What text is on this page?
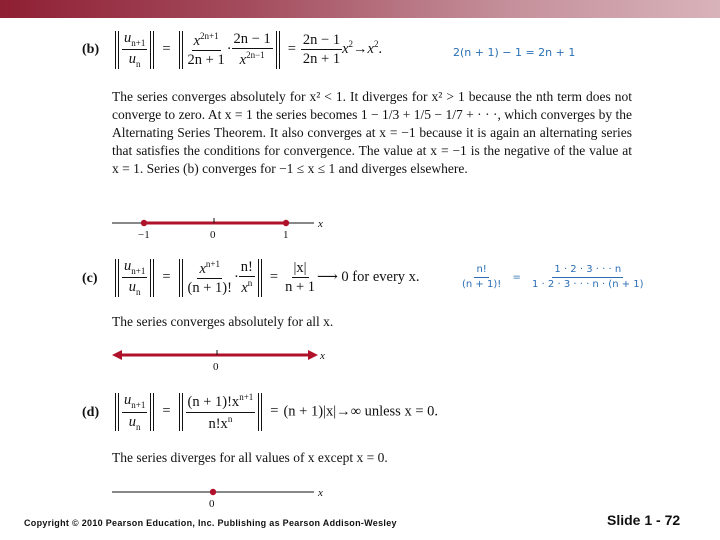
$(b) \frac{u_{n+1}}{u_n} = \frac{x^{2n+1}}{2n + 1} \cdot \frac{2n - 1}{x^{2n-1}} = \frac{2n - 1}{2n + 1} x^2\to x^2$.	2(n + 1) − 1 = 2n + 1
The series converges absolutely for x² < 1. It diverges for x² > 1 because the nth term does not converge to zero. At x = 1 the series becomes 1 − 1/3 + 1/5 − 1/7 + · · ·, which converges by the Alternating Series Theorem. It also converges at x = −1 because it is again an alternating series that satisfies the conditions for convergence. The value at x = −1 is the negative of the value at x = 1. Series (b) converges for −1 ≤ x ≤ 1 and diverges elsewhere.
$(c) \frac{u_{n+1}}{u_n} = \frac{x^{n+1}}{(n + 1)!} \cdot \frac{n!}{x^n} = \frac{|x|}{n + 1}$ ⟶ 0 for every x.	$\frac{n!}{(n + 1)!} = \frac{1 \cdot 2 \cdot 3 \cdot \cdot \cdot n}{1 \cdot 2 \cdot 3 \cdot \cdot \cdot n \cdot (n + 1)}$
The series converges absolutely for all x.
$(d) \frac{u_{n+1}}{u_n} = \frac{(n + 1)!x^{n+1}}{n!x^n} = (n + 1)|x|\to\infty$ unless x = 0.
The series diverges for all values of x except x = 0.
−1	0	1
x
0
x
0
x
Copyright © 2010 Pearson Education, Inc. Publishing as Pearson Addison-Wesley	Slide 1 - 72
